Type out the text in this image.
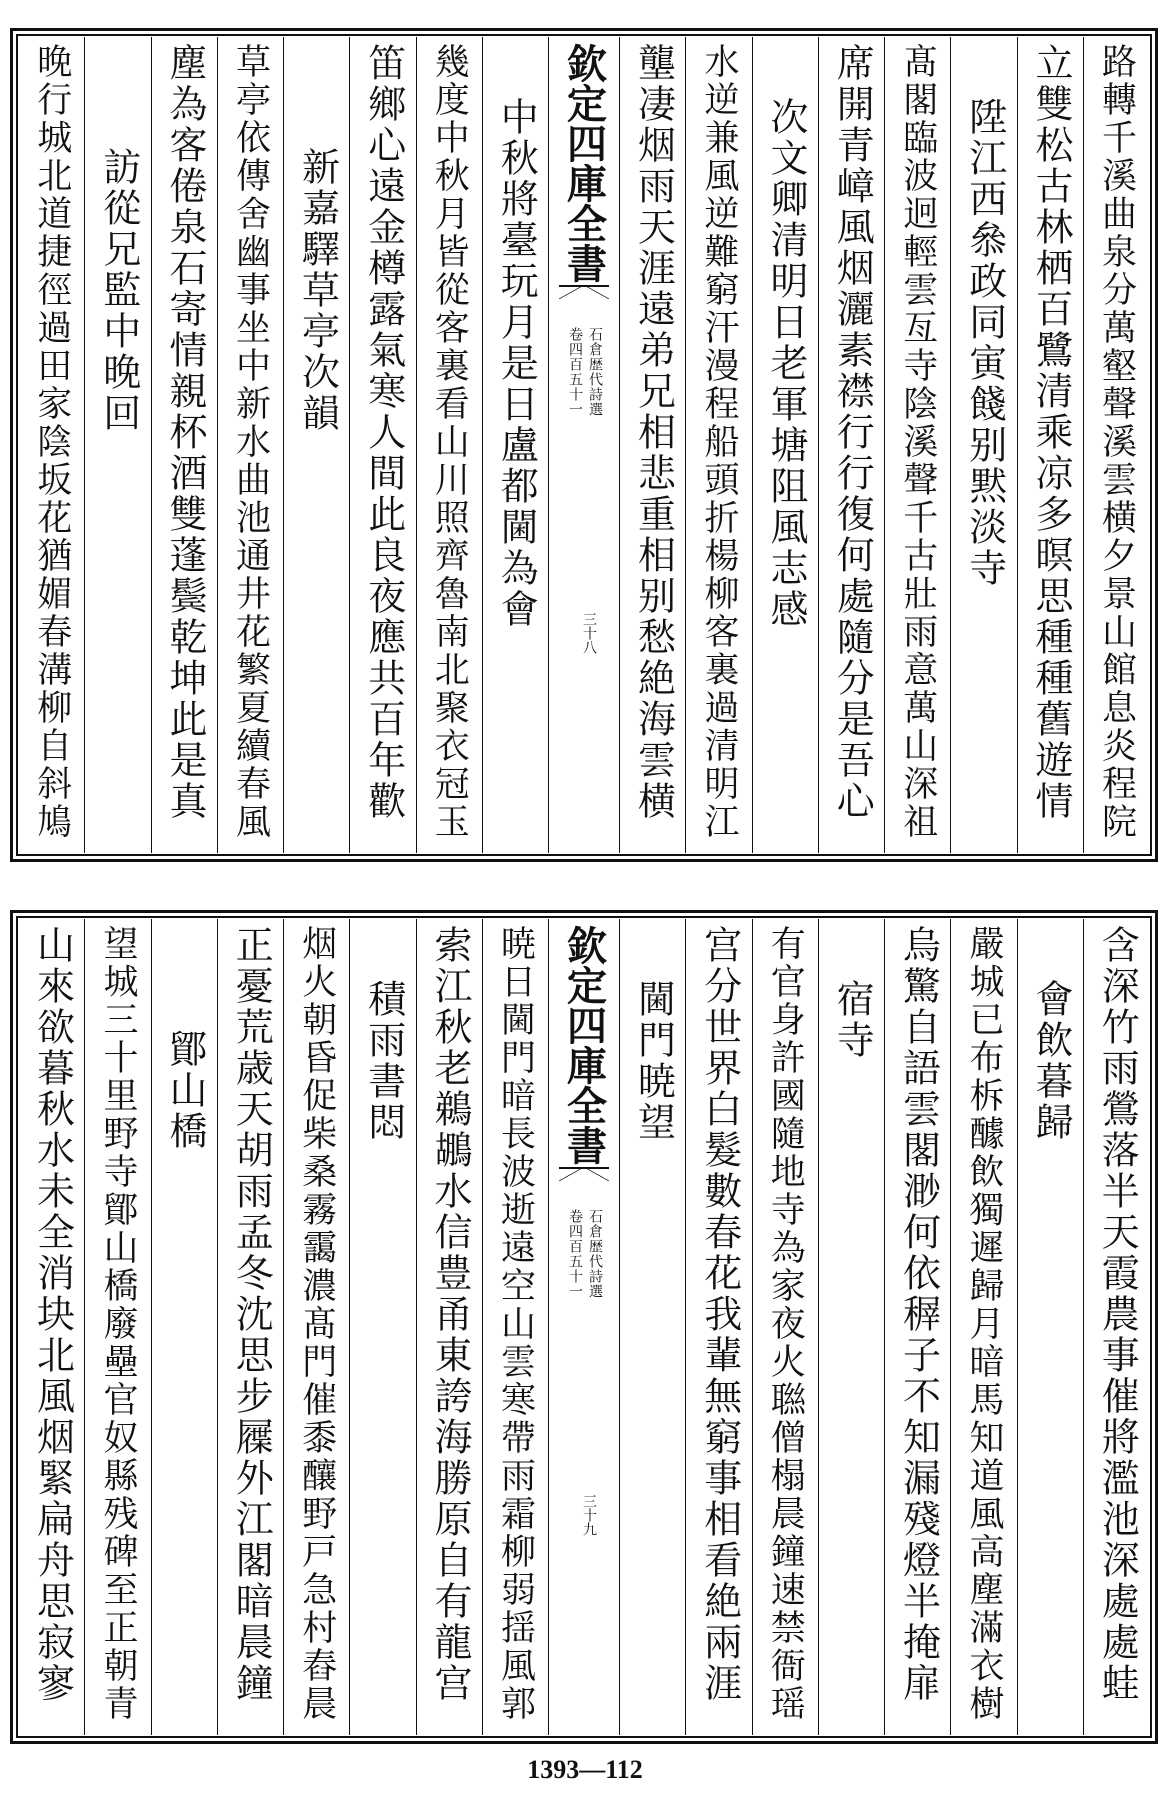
路轉千溪曲泉分萬壑聲溪雲横夕景山館息炎程院
立雙松古林栖百鷺清乘凉多暝思種種舊遊情
陞江西叅政同寅餞别黙淡寺
髙閣臨波迥輕雲亙寺陰溪聲千古壯雨意萬山深祖
席開青嶂風烟灑素襟行行復何處隨分是吾心
次文卿清明日老軍塘阻風志感
水逆兼風逆難窮汗漫程船頭折楊柳客裏過清明江
壟凄烟雨天涯遠弟兄相悲重相别愁絶海雲横
欽定四庫全書
石倉歴代詩選
卷四百五十一
三十八
中秋將臺玩月是日盧都閫為會
幾度中秋月皆從客裏看山川照齊魯南北聚衣冠玉
笛鄉心遠金樽露氣寒人間此良夜應共百年歡
新嘉驛草亭次韻
草亭依傳舍幽事坐中新水曲池通井花繁夏續春風
塵為客倦泉石寄情親杯酒雙蓬鬓乾坤此是真
訪從兄監中晚回
晚行城北道捷徑過田家陰坂花猶媚春溝柳自斜鳩
含深竹雨鶯落半天霞農事催將濫池深處處蛙
會飲暮歸
嚴城已布柝醵飲獨遲歸月暗馬知道風高塵滿衣樹
烏驚自語雲閣渺何依稺子不知漏殘燈半掩扉
宿寺
有官身許國隨地寺為家夜火聮僧榻晨鐘速禁衙瑶
宫分世界白髮數春花我輩無窮事相看絶兩涯
閫門暁望
欽定四庫全書
石倉歴代詩選
卷四百五十一
三十九
暁日閫門暗長波逝遠空山雲寒帶雨霜柳弱揺風郭
索江秋老鵜鶘水信豊甬東誇海勝原自有龍宫
積雨書悶
烟火朝昏促柴桑霧靄濃髙門催黍釀野戸急村舂晨
正憂荒歳天胡雨孟冬沈思步屧外江閣暗晨鐘
鄮山橋
望城三十里野寺鄮山橋廢壘官奴縣残碑至正朝青
山來欲暮秋水未全消块北風烟緊扁舟思寂寥
1393—112
